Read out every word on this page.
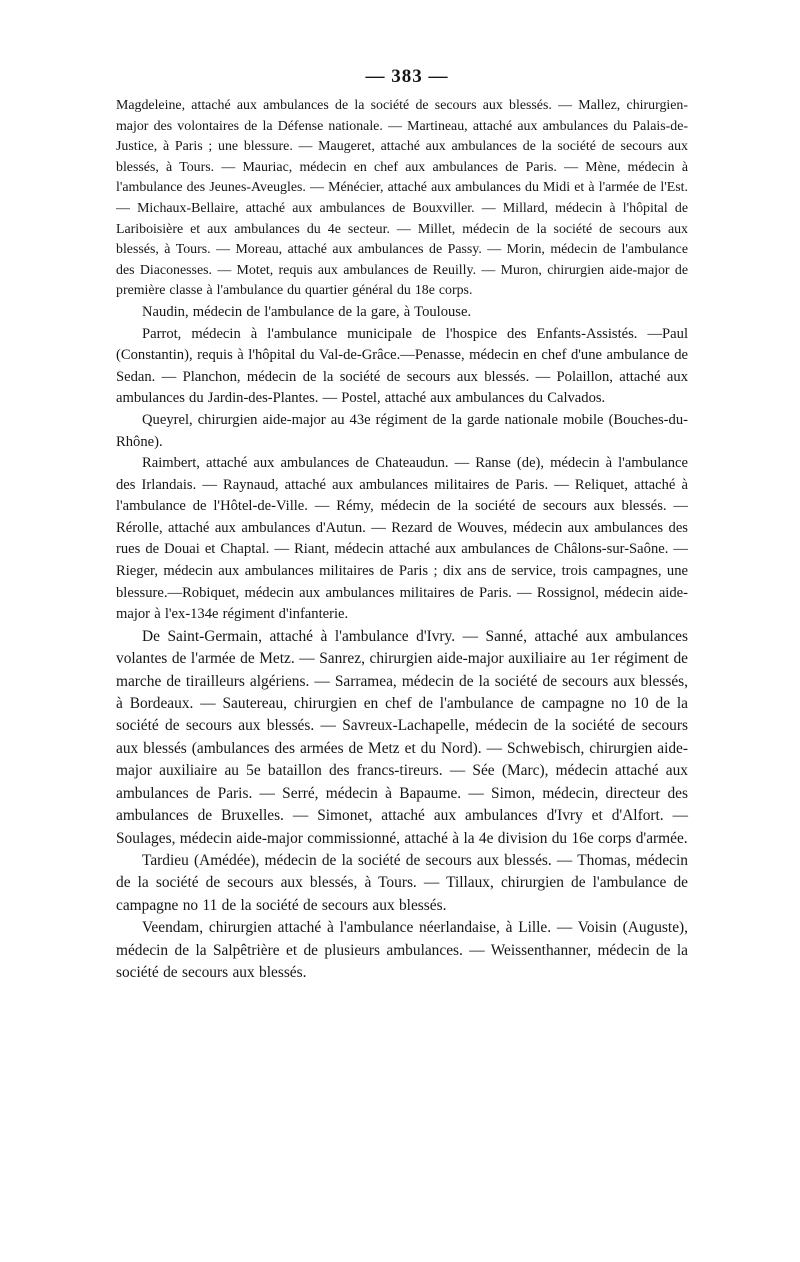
— 383 —

Magdeleine, attaché aux ambulances de la société de secours aux blessés. — Mallez, chirurgien-major des volontaires de la Défense nationale. — Martineau, attaché aux ambulances du Palais-de-Justice, à Paris ; une blessure. — Maugeret, attaché aux ambulances de la société de secours aux blessés, à Tours. — Mauriac, médecin en chef aux ambulances de Paris. — Mène, médecin à l'ambulance des Jeunes-Aveugles. — Ménécier, attaché aux ambulances du Midi et à l'armée de l'Est. — Michaux-Bellaire, attaché aux ambulances de Bouxviller. — Millard, médecin à l'hôpital de Lariboisière et aux ambulances du 4e secteur. — Millet, médecin de la société de secours aux blessés, à Tours. — Moreau, attaché aux ambulances de Passy. — Morin, médecin de l'ambulance des Diaconesses. — Motet, requis aux ambulances de Reuilly. — Muron, chirurgien aide-major de première classe à l'ambulance du quartier général du 18e corps.

Naudin, médecin de l'ambulance de la gare, à Toulouse.

Parrot, médecin à l'ambulance municipale de l'hospice des Enfants-Assistés. —Paul (Constantin), requis à l'hôpital du Val-de-Grâce.—Penasse, médecin en chef d'une ambulance de Sedan. — Planchon, médecin de la société de secours aux blessés. — Polaillon, attaché aux ambulances du Jardin-des-Plantes. — Postel, attaché aux ambulances du Calvados.

Queyrel, chirurgien aide-major au 43e régiment de la garde nationale mobile (Bouches-du-Rhône).

Raimbert, attaché aux ambulances de Chateaudun. — Ranse (de), médecin à l'ambulance des Irlandais. — Raynaud, attaché aux ambulances militaires de Paris. — Reliquet, attaché à l'ambulance de l'Hôtel-de-Ville. — Rémy, médecin de la société de secours aux blessés. — Rérolle, attaché aux ambulances d'Autun. — Rezard de Wouves, médecin aux ambulances des rues de Douai et Chaptal. — Riant, médecin attaché aux ambulances de Châlons-sur-Saône. — Rieger, médecin aux ambulances militaires de Paris ; dix ans de service, trois campagnes, une blessure.—Robiquet, médecin aux ambulances militaires de Paris. — Rossignol, médecin aide-major à l'ex-134e régiment d'infanterie.

De Saint-Germain, attaché à l'ambulance d'Ivry. — Sanné, attaché aux ambulances volantes de l'armée de Metz. — Sanrez, chirurgien aide-major auxiliaire au 1er régiment de marche de tirailleurs algériens. — Sarramea, médecin de la société de secours aux blessés, à Bordeaux. — Sautereau, chirurgien en chef de l'ambulance de campagne no 10 de la société de secours aux blessés. — Savreux-Lachapelle, médecin de la société de secours aux blessés (ambulances des armées de Metz et du Nord). — Schwebisch, chirurgien aide-major auxiliaire au 5e bataillon des francs-tireurs. — Sée (Marc), médecin attaché aux ambulances de Paris. — Serré, médecin à Bapaume. — Simon, médecin, directeur des ambulances de Bruxelles. — Simonet, attaché aux ambulances d'Ivry et d'Alfort. — Soulages, médecin aide-major commissionné, attaché à la 4e division du 16e corps d'armée.

Tardieu (Amédée), médecin de la société de secours aux blessés. — Thomas, médecin de la société de secours aux blessés, à Tours. — Tillaux, chirurgien de l'ambulance de campagne no 11 de la société de secours aux blessés.

Veendam, chirurgien attaché à l'ambulance néerlandaise, à Lille. — Voisin (Auguste), médecin de la Salpêtrière et de plusieurs ambulances. — Weissenthanner, médecin de la société de secours aux blessés.
